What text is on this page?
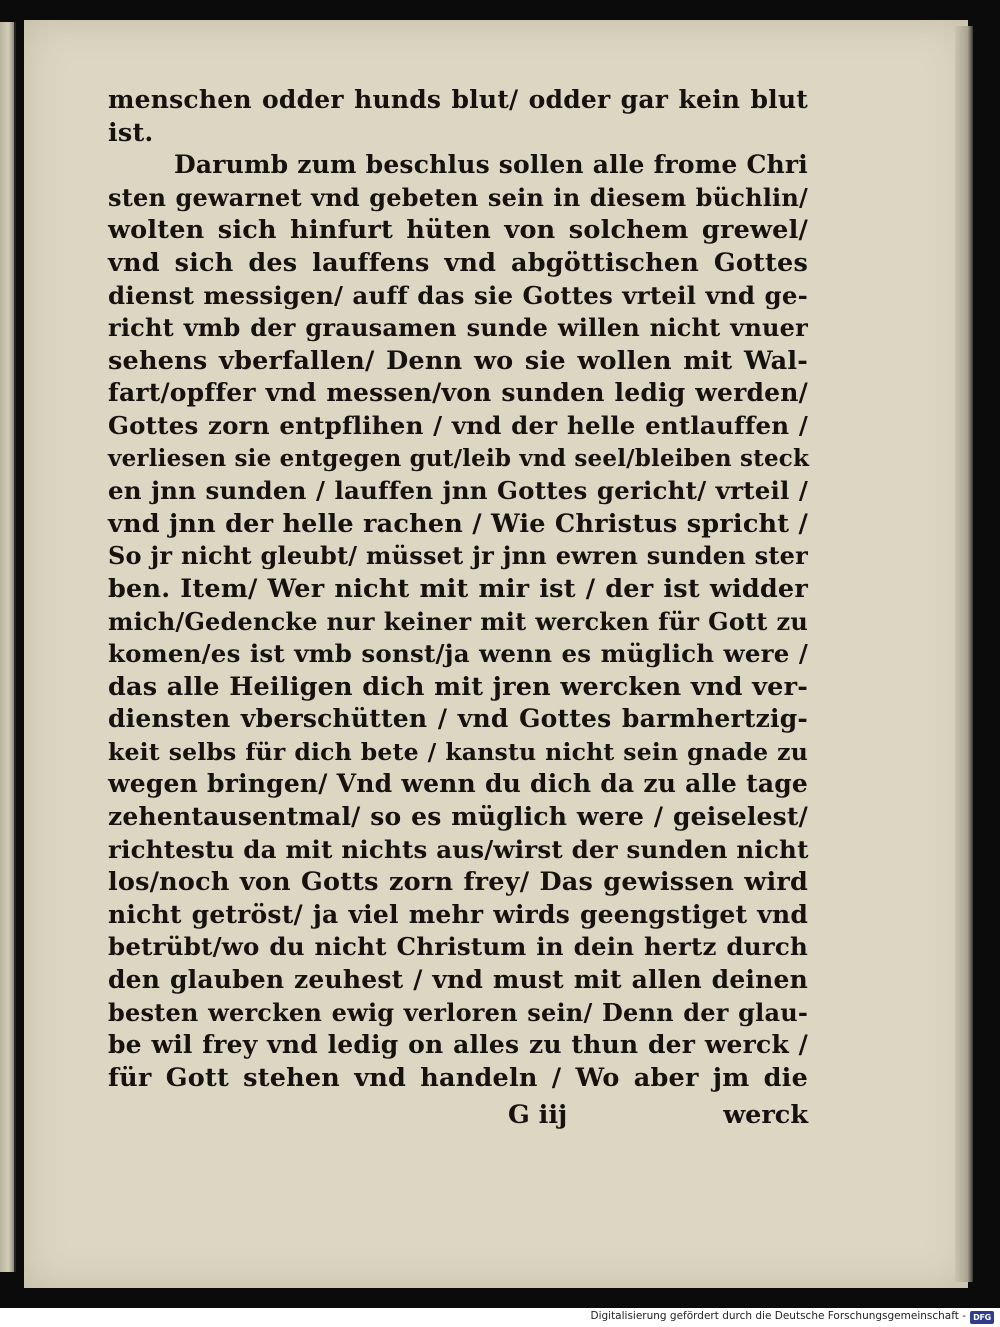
menschen odder hunds blut/ odder gar kein blut
ist.
Darumb zum beschlus sollen alle frome Chri
sten gewarnet vnd gebeten sein in diesem büchlin/
wolten sich hinfurt hüten von solchem grewel/
vnd sich des lauffens vnd abgöttischen Gottes
dienst messigen/ auff das sie Gottes vrteil vnd ge-
richt vmb der grausamen sunde willen nicht vnuer
sehens vberfallen/ Denn wo sie wollen mit Wal-
fart/opffer vnd messen/von sunden ledig werden/
Gottes zorn entpflihen / vnd der helle entlauffen /
verliesen sie entgegen gut/leib vnd seel/bleiben steck
en jnn sunden / lauffen jnn Gottes gericht/ vrteil /
vnd jnn der helle rachen / Wie Christus spricht /
So jr nicht gleubt/ müsset jr jnn ewren sunden ster
ben. Item/ Wer nicht mit mir ist / der ist widder
mich/Gedencke nur keiner mit wercken für Gott zu
komen/es ist vmb sonst/ja wenn es müglich were /
das alle Heiligen dich mit jren wercken vnd ver-
diensten vberschütten / vnd Gottes barmhertzig-
keit selbs für dich bete / kanstu nicht sein gnade zu
wegen bringen/ Vnd wenn du dich da zu alle tage
zehentausentmal/ so es müglich were / geiselest/
richtestu da mit nichts aus/wirst der sunden nicht
los/noch von Gotts zorn frey/ Das gewissen wird
nicht getröst/ ja viel mehr wirds geengstiget vnd
betrübt/wo du nicht Christum in dein hertz durch
den glauben zeuhest / vnd must mit allen deinen
besten wercken ewig verloren sein/ Denn der glau-
be wil frey vnd ledig on alles zu thun der werck /
für Gott stehen vnd handeln / Wo aber jm die
G iij	werck
Digitalisierung gefördert durch die Deutsche Forschungsgemeinschaft - DFG
